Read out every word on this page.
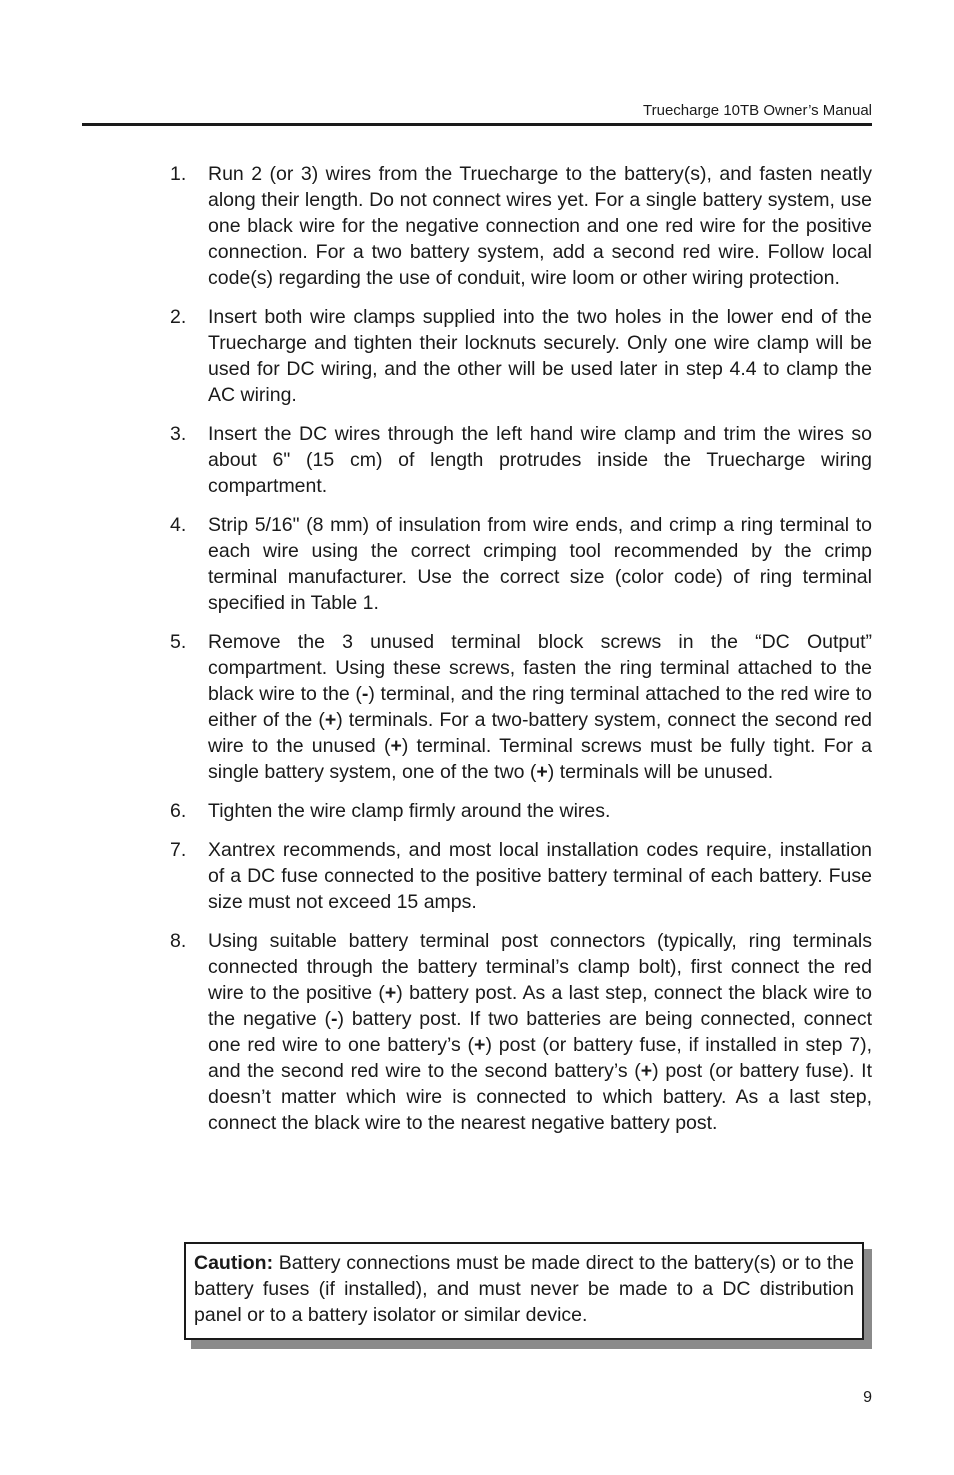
Truecharge 10TB Owner’s Manual
1. Run 2 (or 3) wires from the Truecharge to the battery(s), and fasten neatly along their length. Do not connect wires yet. For a single battery system, use one black wire for the negative connection and one red wire for the positive connection. For a two battery system, add a second red wire. Follow local code(s) regarding the use of conduit, wire loom or other wiring protection.
2. Insert both wire clamps supplied into the two holes in the lower end of the Truecharge and tighten their locknuts securely. Only one wire clamp will be used for DC wiring, and the other will be used later in step 4.4 to clamp the AC wiring.
3. Insert the DC wires through the left hand wire clamp and trim the wires so about 6" (15 cm) of length protrudes inside the Truecharge wiring compartment.
4. Strip 5/16" (8 mm) of insulation from wire ends, and crimp a ring terminal to each wire using the correct crimping tool recommended by the crimp terminal manufacturer. Use the correct size (color code) of ring terminal specified in Table 1.
5. Remove the 3 unused terminal block screws in the “DC Output” compartment. Using these screws, fasten the ring terminal attached to the black wire to the (-) terminal, and the ring terminal attached to the red wire to either of the (+) terminals. For a two-battery system, connect the second red wire to the unused (+) terminal. Terminal screws must be fully tight. For a single battery system, one of the two (+) terminals will be unused.
6. Tighten the wire clamp firmly around the wires.
7. Xantrex recommends, and most local installation codes require, installation of a DC fuse connected to the positive battery terminal of each battery. Fuse size must not exceed 15 amps.
8. Using suitable battery terminal post connectors (typically, ring terminals connected through the battery terminal’s clamp bolt), first connect the red wire to the positive (+) battery post. As a last step, connect the black wire to the negative (-) battery post. If two batteries are being connected, connect one red wire to one battery’s (+) post (or battery fuse, if installed in step 7), and the second red wire to the second battery’s (+) post (or battery fuse). It doesn’t matter which wire is connected to which battery. As a last step, connect the black wire to the nearest negative battery post.
Caution: Battery connections must be made direct to the battery(s) or to the battery fuses (if installed), and must never be made to a DC distribution panel or to a battery isolator or similar device.
9
